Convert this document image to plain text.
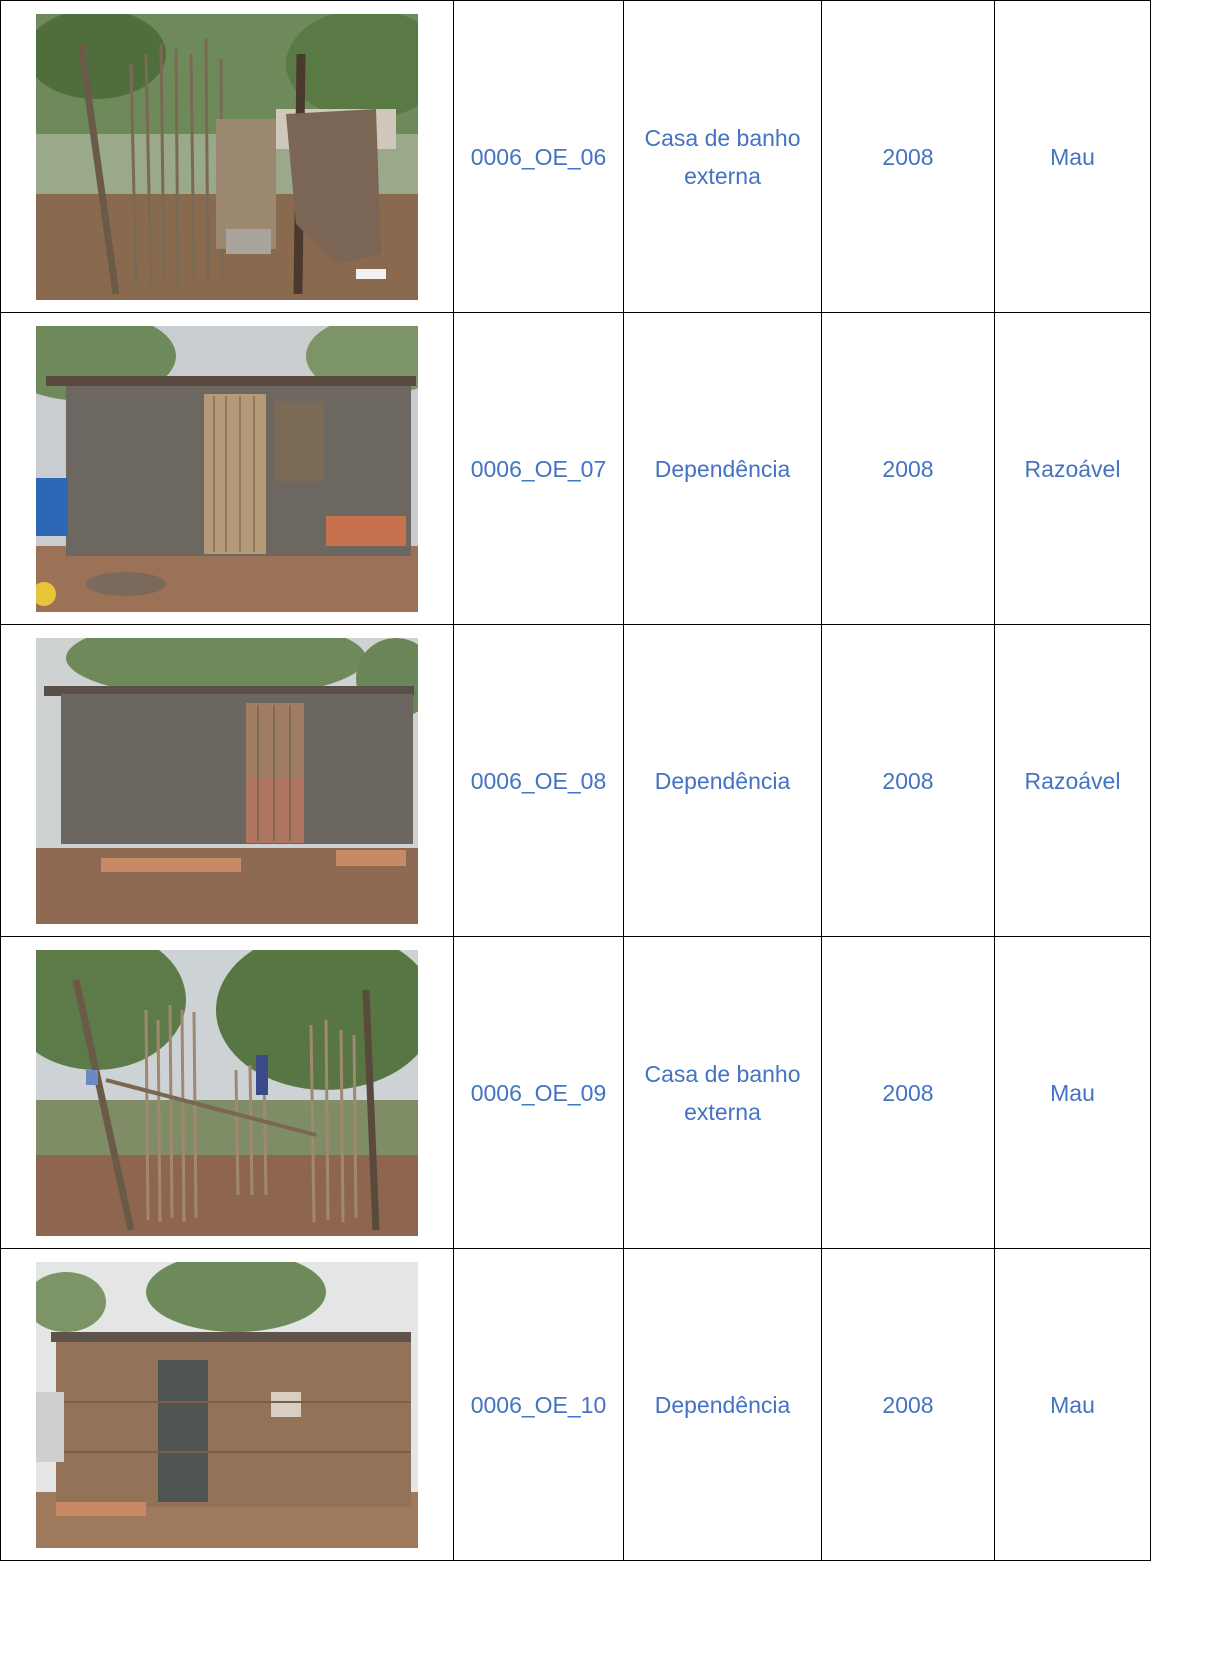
	0006_OE_06	Casa de banho externa	2008	Mau

	0006_OE_07	Dependência	2008	Razoável

	0006_OE_08	Dependência	2008	Razoável

	0006_OE_09	Casa de banho externa	2008	Mau

	0006_OE_10	Dependência	2008	Mau
